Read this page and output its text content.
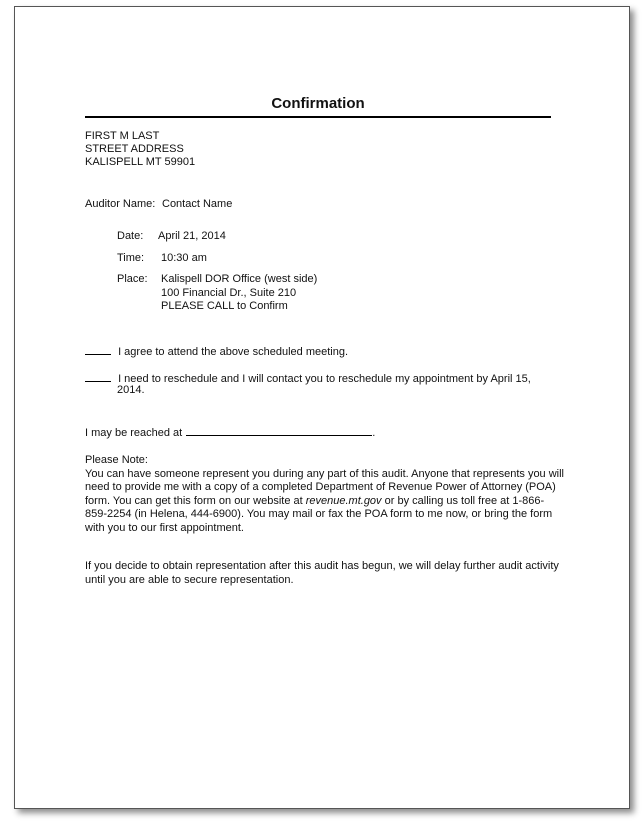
Confirmation
FIRST M LAST
STREET ADDRESS
KALISPELL MT 59901
Auditor Name: Contact Name
Date: April 21, 2014
Time: 10:30 am
Place: Kalispell DOR Office (west side)
100 Financial Dr., Suite 210
PLEASE CALL to Confirm
I agree to attend the above scheduled meeting.
I need to reschedule and I will contact you to reschedule my appointment by April 15,
2014.
I may be reached at	.
Please Note:
You can have someone represent you during any part of this audit. Anyone that represents you will need to provide me with a copy of a completed Department of Revenue Power of Attorney (POA) form. You can get this form on our website at revenue.mt.gov or by calling us toll free at 1-866-859-2254 (in Helena, 444-6900). You may mail or fax the POA form to me now, or bring the form with you to our first appointment.
If you decide to obtain representation after this audit has begun, we will delay further audit activity until you are able to secure representation.
